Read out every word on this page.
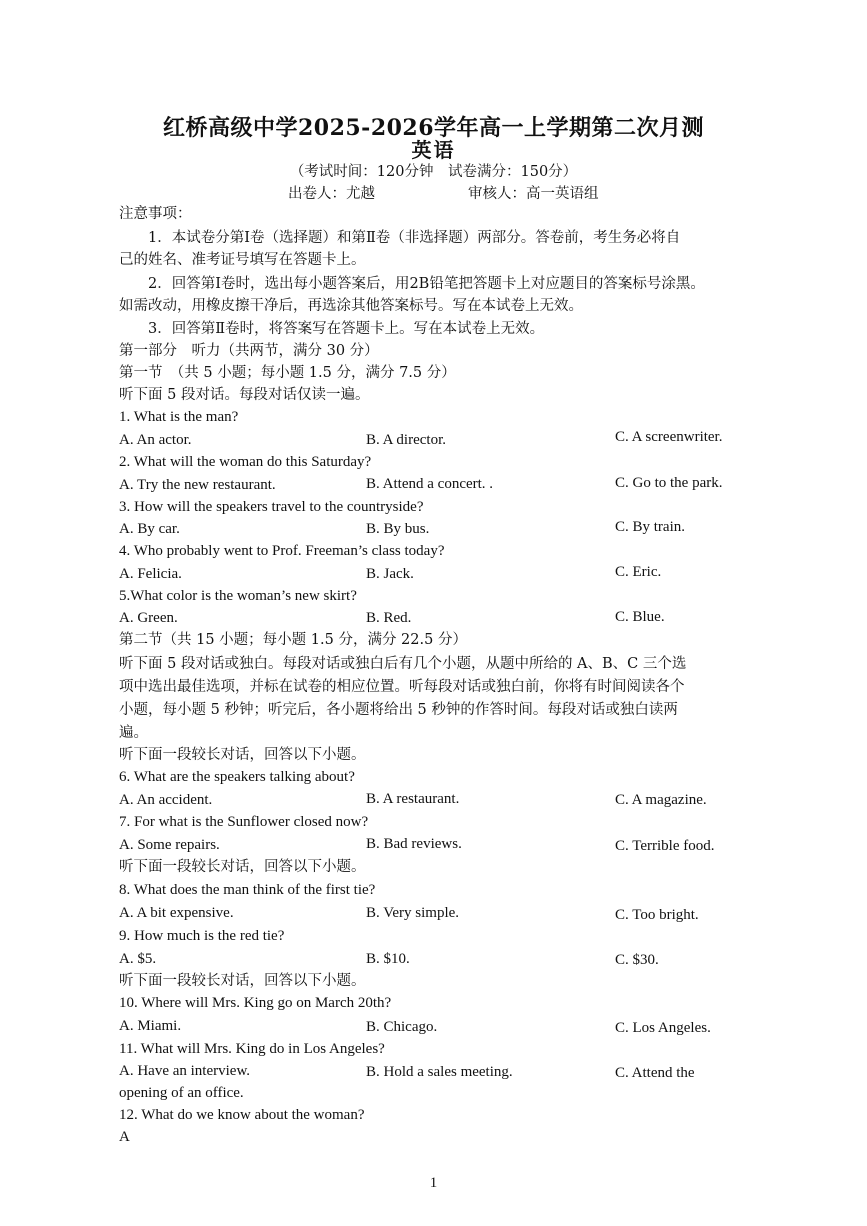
红桥高级中学2025-2026学年高一上学期第二次月测
英语
（考试时间：120分钟　试卷满分：150分）
出卷人：尤越	审核人：高一英语组
注意事项：
1．本试卷分第Ⅰ卷（选择题）和第Ⅱ卷（非选择题）两部分。答卷前，考生务必将自
己的姓名、准考证号填写在答题卡上。
2．回答第Ⅰ卷时，选出每小题答案后，用2B铅笔把答题卡上对应题目的答案标号涂黑。
如需改动，用橡皮擦干净后，再选涂其他答案标号。写在本试卷上无效。
3．回答第Ⅱ卷时，将答案写在答题卡上。写在本试卷上无效。
第一部分　听力（共两节，满分 30 分）
第一节　（共 5 小题；每小题 1.5 分，满分 7.5 分）
听下面 5 段对话。每段对话仅读一遍。
1. What is the man?
A. An actor.	B. A director.	C. A screenwriter.
2. What will the woman do this Saturday?
A. Try the new restaurant.	B. Attend a concert. .	C. Go to the park.
3. How will the speakers travel to the countryside?
A. By car.	B. By bus.	C. By train.
4. Who probably went to Prof. Freeman’s class today?
A. Felicia.	B. Jack.	C. Eric.
5.What color is the woman’s new skirt?
A. Green.	B. Red.	C. Blue.
第二节（共 15 小题；每小题 1.5 分，满分 22.5 分）
听下面 5 段对话或独白。每段对话或独白后有几个小题，从题中所给的 A、B、C 三个选
项中选出最佳选项，并标在试卷的相应位置。听每段对话或独白前，你将有时间阅读各个
小题，每小题 5 秒钟；听完后，各小题将给出 5 秒钟的作答时间。每段对话或独白读两
遍。
听下面一段较长对话，回答以下小题。
6. What are the speakers talking about?
A. An accident.	B. A restaurant.	C. A magazine.
7. For what is the Sunflower closed now?
A. Some repairs.	B. Bad reviews.	C. Terrible food.
听下面一段较长对话，回答以下小题。
8. What does the man think of the first tie?
A. A bit expensive.	B. Very simple.	C. Too bright.
9. How much is the red tie?
A. $5.	B. $10.	C. $30.
听下面一段较长对话，回答以下小题。
10. Where will Mrs. King go on March 20th?
A. Miami.	B. Chicago.	C. Los Angeles.
11. What will Mrs. King do in Los Angeles?
A. Have an interview.	B. Hold a sales meeting.	C. Attend the
opening of an office.
12. What do we know about the woman?
A
1
